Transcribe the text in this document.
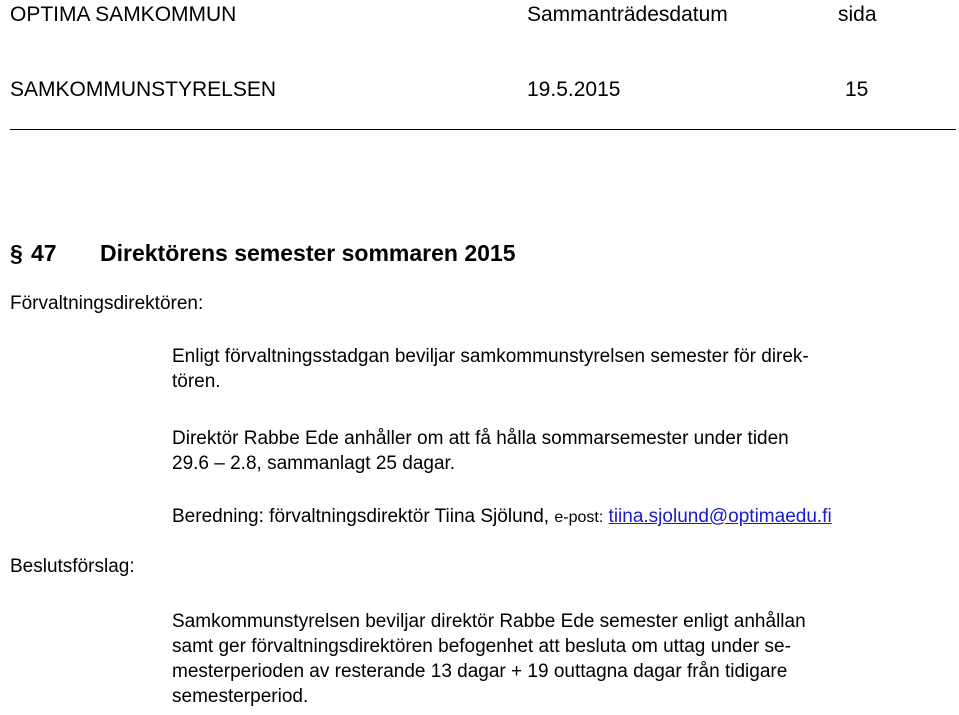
OPTIMA SAMKOMMUN	Sammanträdesdatum	sida
SAMKOMMUNSTYRELSEN	19.5.2015	15
§ 47 Direktörens semester sommaren 2015
Förvaltningsdirektören:
Enligt förvaltningsstadgan beviljar samkommunstyrelsen semester för direk-
tören.
Direktör Rabbe Ede anhåller om att få hålla sommarsemester under tiden
29.6 – 2.8, sammanlagt 25 dagar.
Beredning: förvaltningsdirektör Tiina Sjölund, e-post: tiina.sjolund@optimaedu.fi
Beslutsförslag:
Samkommunstyrelsen beviljar direktör Rabbe Ede semester enligt anhållan
samt ger förvaltningsdirektören befogenhet att besluta om uttag under se-
mesterperioden av resterande 13 dagar + 19 outtagna dagar från tidigare
semesterperiod.
